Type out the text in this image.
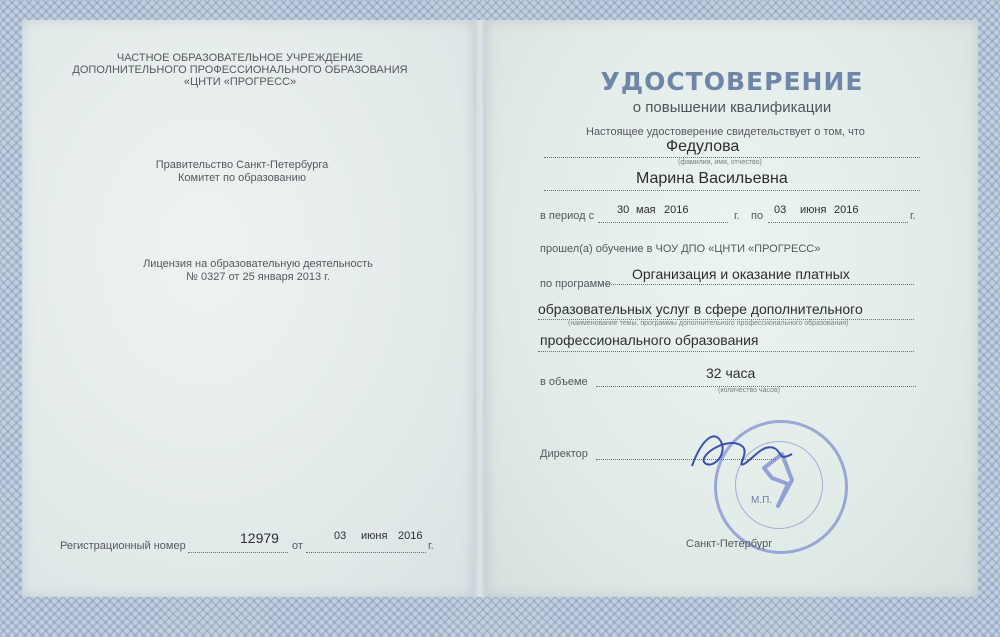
ЧАСТНОЕ ОБРАЗОВАТЕЛЬНОЕ УЧРЕЖДЕНИЕ
ДОПОЛНИТЕЛЬНОГО ПРОФЕССИОНАЛЬНОГО ОБРАЗОВАНИЯ
«ЦНТИ «ПРОГРЕСС»
Правительство Санкт-Петербурга
Комитет по образованию
Лицензия на образовательную деятельность
№ 0327 от 25 января 2013 г.
Регистрационный номер	12979 от
03 июня 2016
г.
УДОСТОВЕРЕНИЕ
о повышении квалификации
Настоящее удостоверение свидетельствует о том, что
Федулова
(фамилия, имя, отчество)
Марина Васильевна
в период с 30 мая 2016	г. по 03 июня 2016	г.
прошел(а) обучение в ЧОУ ДПО «ЦНТИ «ПРОГРЕСС»
по программе
Организация и оказание платных
образовательных услуг в сфере дополнительного
(наименование темы, программы дополнительного профессионального образования)
профессионального образования
в объеме
32 часа
(количество часов)
Директор
М.П.
Санкт-Петербург
